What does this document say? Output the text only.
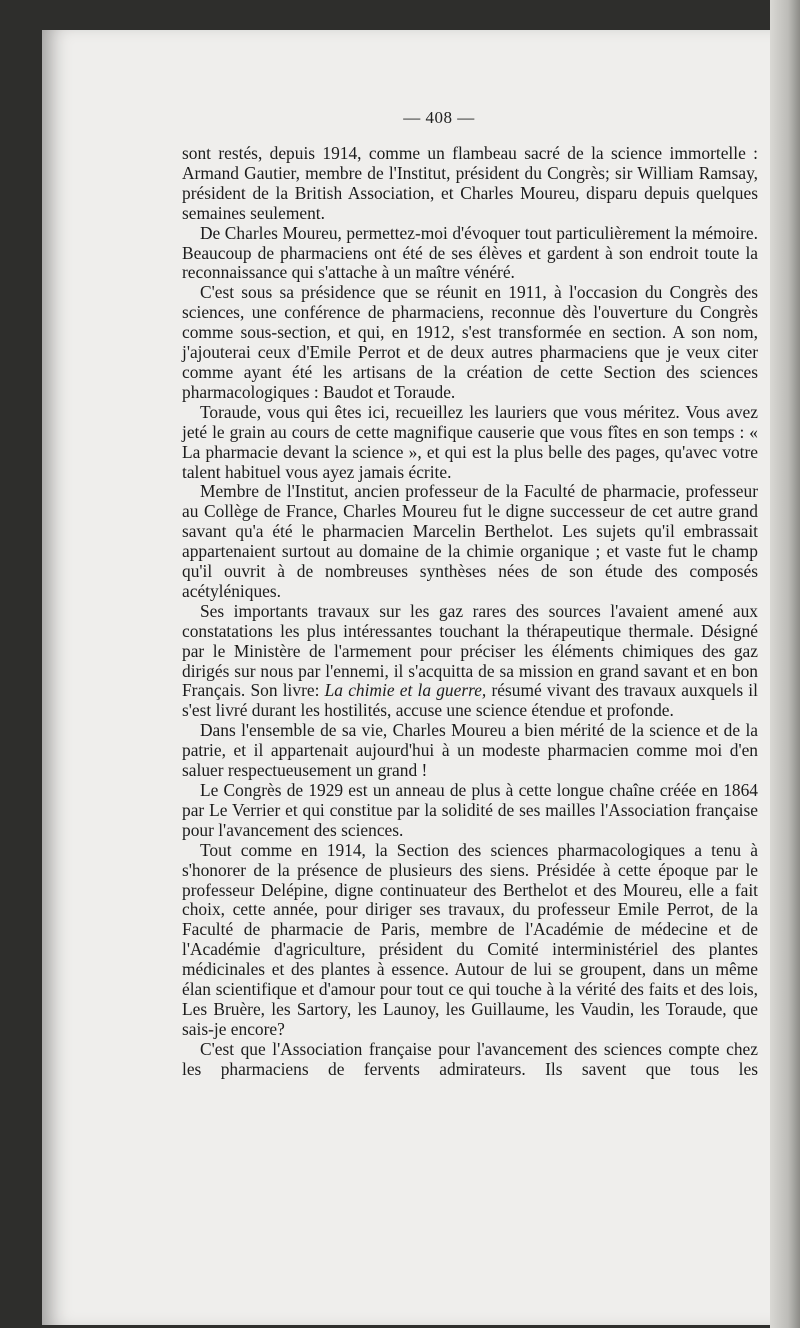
— 408 —

sont restés, depuis 1914, comme un flambeau sacré de la science immortelle : Armand Gautier, membre de l'Institut, président du Congrès; sir William Ramsay, président de la British Association, et Charles Moureu, disparu depuis quelques semaines seulement.

De Charles Moureu, permettez-moi d'évoquer tout particulièrement la mémoire. Beaucoup de pharmaciens ont été de ses élèves et gardent à son endroit toute la reconnaissance qui s'attache à un maître vénéré.

C'est sous sa présidence que se réunit en 1911, à l'occasion du Congrès des sciences, une conférence de pharmaciens, reconnue dès l'ouverture du Congrès comme sous-section, et qui, en 1912, s'est transformée en section. A son nom, j'ajouterai ceux d'Emile Perrot et de deux autres pharmaciens que je veux citer comme ayant été les artisans de la création de cette Section des sciences pharmacologiques : Baudot et Toraude.

Toraude, vous qui êtes ici, recueillez les lauriers que vous méritez. Vous avez jeté le grain au cours de cette magnifique causerie que vous fîtes en son temps : « La pharmacie devant la science », et qui est la plus belle des pages, qu'avec votre talent habituel vous ayez jamais écrite.

Membre de l'Institut, ancien professeur de la Faculté de pharmacie, professeur au Collège de France, Charles Moureu fut le digne successeur de cet autre grand savant qu'a été le pharmacien Marcelin Berthelot. Les sujets qu'il embrassait appartenaient surtout au domaine de la chimie organique ; et vaste fut le champ qu'il ouvrit à de nombreuses synthèses nées de son étude des composés acétyléniques.

Ses importants travaux sur les gaz rares des sources l'avaient amené aux constatations les plus intéressantes touchant la thérapeutique thermale. Désigné par le Ministère de l'armement pour préciser les éléments chimiques des gaz dirigés sur nous par l'ennemi, il s'acquitta de sa mission en grand savant et en bon Français. Son livre: La chimie et la guerre, résumé vivant des travaux auxquels il s'est livré durant les hostilités, accuse une science étendue et profonde.

Dans l'ensemble de sa vie, Charles Moureu a bien mérité de la science et de la patrie, et il appartenait aujourd'hui à un modeste pharmacien comme moi d'en saluer respectueusement un grand !

Le Congrès de 1929 est un anneau de plus à cette longue chaîne créée en 1864 par Le Verrier et qui constitue par la solidité de ses mailles l'Association française pour l'avancement des sciences.

Tout comme en 1914, la Section des sciences pharmacologiques a tenu à s'honorer de la présence de plusieurs des siens. Présidée à cette époque par le professeur Delépine, digne continuateur des Berthelot et des Moureu, elle a fait choix, cette année, pour diriger ses travaux, du professeur Emile Perrot, de la Faculté de pharmacie de Paris, membre de l'Académie de médecine et de l'Académie d'agriculture, président du Comité interministériel des plantes médicinales et des plantes à essence. Autour de lui se groupent, dans un même élan scientifique et d'amour pour tout ce qui touche à la vérité des faits et des lois, Les Bruère, les Sartory, les Launoy, les Guillaume, les Vaudin, les Toraude, que sais-je encore?

C'est que l'Association française pour l'avancement des sciences compte chez les pharmaciens de fervents admirateurs. Ils savent que tous les
